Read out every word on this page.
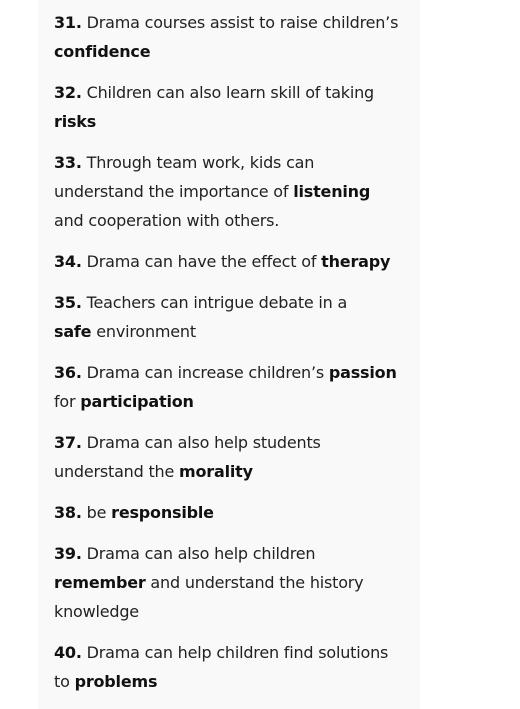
31. Drama courses assist to raise children’s confidence

32. Children can also learn skill of taking risks

33. Through team work, kids can understand the importance of listening and cooperation with others.

34. Drama can have the effect of therapy

35. Teachers can intrigue debate in a
safe environment

36. Drama can increase children’s passion for participation

37. Drama can also help students understand the morality

38. be responsible

39. Drama can also help children
remember and understand the history knowledge

40. Drama can help children find solutions to problems
